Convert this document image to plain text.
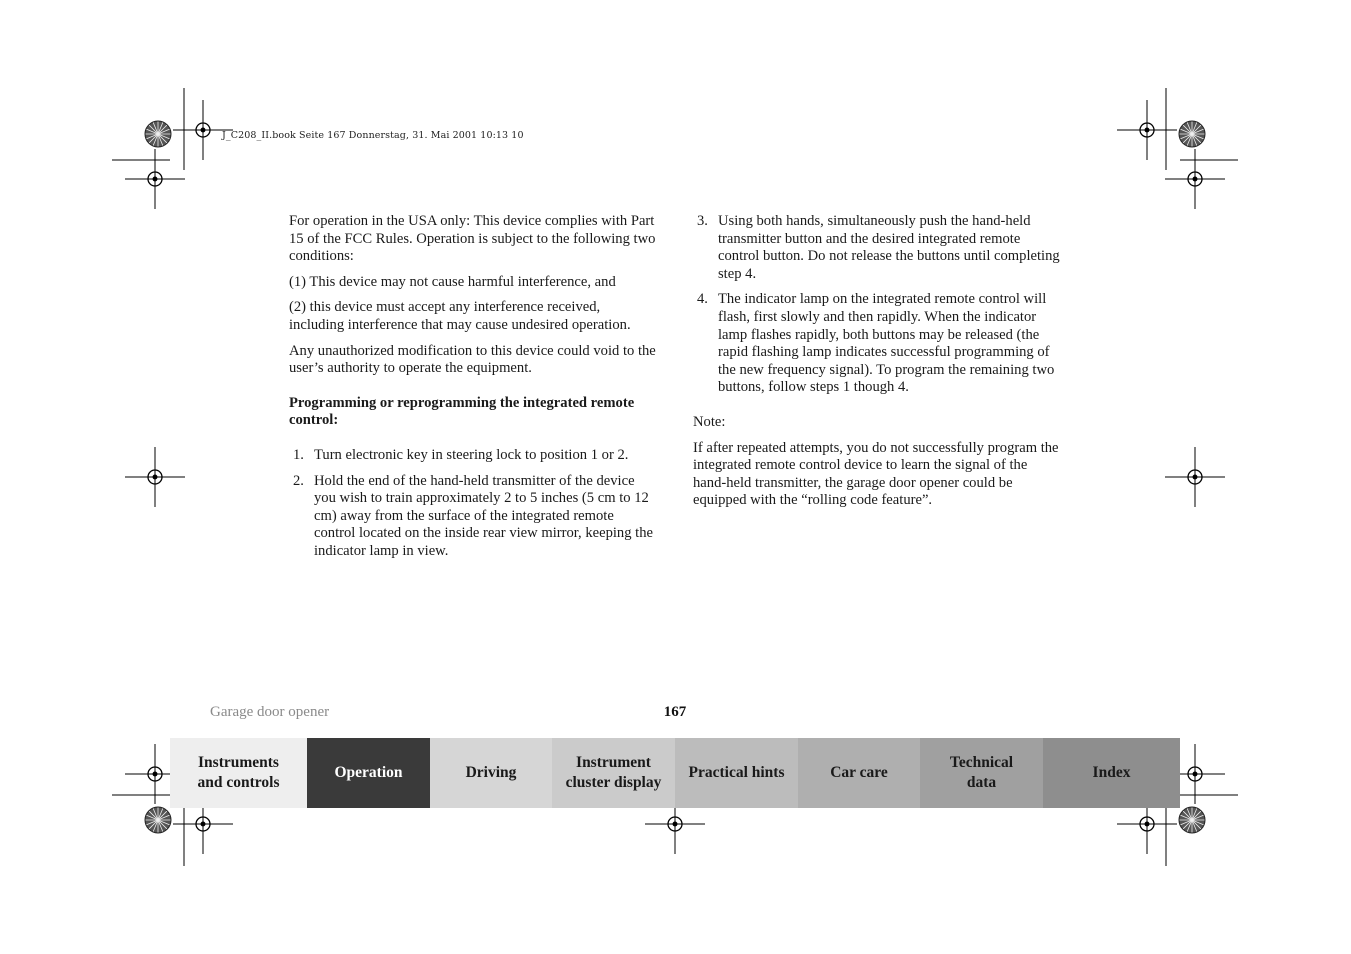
J_C208_II.book Seite 167 Donnerstag, 31. Mai 2001 10:13 10

For operation in the USA only: This device complies with Part 15 of the FCC Rules. Operation is subject to the following two conditions:

(1) This device may not cause harmful interference, and

(2) this device must accept any interference received, including interference that may cause undesired operation.

Any unauthorized modification to this device could void to the user’s authority to operate the equipment.

Programming or reprogramming the integrated remote control:

1. Turn electronic key in steering lock to position 1 or 2.
2. Hold the end of the hand-held transmitter of the device you wish to train approximately 2 to 5 inches (5 cm to 12 cm) away from the surface of the integrated remote control located on the inside rear view mirror, keeping the indicator lamp in view.
3. Using both hands, simultaneously push the hand-held transmitter button and the desired integrated remote control button. Do not release the buttons until completing step 4.
4. The indicator lamp on the integrated remote control will flash, first slowly and then rapidly. When the indicator lamp flashes rapidly, both buttons may be released (the rapid flashing lamp indicates successful programming of the new frequency signal). To program the remaining two buttons, follow steps 1 though 4.

Note:

If after repeated attempts, you do not successfully program the integrated remote control device to learn the signal of the hand-held transmitter, the garage door opener could be equipped with the “rolling code feature”.

Garage door opener	167
Instruments
and controls
Operation	Driving
Instrument
cluster display
Practical hints	Car care
Technical
data
Index
